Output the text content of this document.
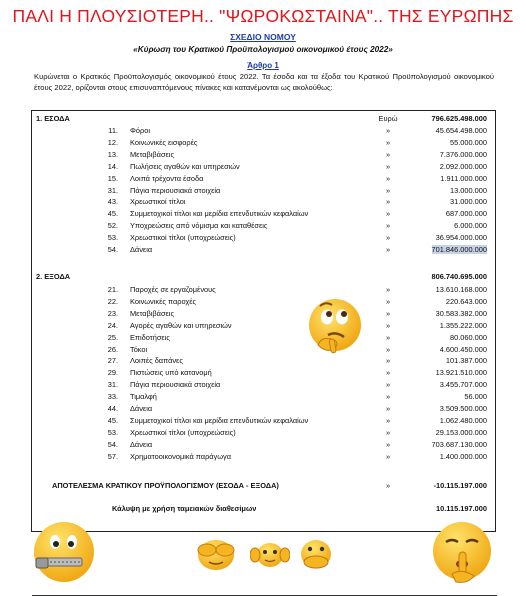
ΠΑΛΙ Η ΠΛΟΥΣΙΟΤΕΡΗ.. "ΨΩΡΟΚΩΣΤΑΙΝΑ".. ΤΗΣ ΕΥΡΩΠΗΣ
ΣΧΕΔΙΟ ΝΟΜΟΥ
«Κύρωση του Κρατικού Προϋπολογισμού οικονομικού έτους 2022»
Άρθρο 1
Κυρώνεται ο Κρατικός Προϋπολογισμός οικονομικού έτους 2022. Τα έσοδα και τα έξοδα του Κρατικού Προϋπολογισμού οικονομικού έτους 2022, ορίζονται στους επισυναπτόμενους πίνακες και κατανέμονται ως ακολούθως:
1. ΕΣΟΔΑ	Ευρώ	796.625.498.000
11. Φόροι	»	45.654.498.000
12. Κοινωνικές εισφορές	»	55.000.000
13. Μεταβιβάσεις	»	7.376.000.000
14. Πωλήσεις αγαθών και υπηρεσιών	»	2.092.000.000
15. Λοιπά τρέχοντα έσοδα	»	1.911.000.000
31. Πάγια περιουσιακά στοιχεία	»	13.000.000
43. Χρεωστικοί τίτλοι	»	31.000.000
45. Συμμετοχικοί τίτλοι και μερίδια επενδυτικών κεφαλαίων	»	687.000.000
52. Υποχρεώσεις από νόμισμα και καταθέσεις	»	6.000.000
53. Χρεωστικοί τίτλοι (υποχρεώσεις)	»	36.954.000.000
54. Δάνεια	»	701.846.000.000
2. ΕΞΟΔΑ	806.740.695.000
21. Παροχές σε εργαζομένους	»	13.610.168.000
22. Κοινωνικές παροχές	»	220.643.000
23. Μεταβιβάσεις	»	30.583.382.000
24. Αγορές αγαθών και υπηρεσιών	»	1.355.222.000
25. Επιδοτήσεις	»	80.060.000
26. Τόκοι	»	4.600.450.000
27. Λοιπές δαπάνες	»	101.387.000
29. Πιστώσεις υπό κατανομή	»	13.921.510.000
31. Πάγια περιουσιακά στοιχεία	»	3.455.707.000
33. Τιμαλφή	»	56.000
44. Δάνεια	»	3.509.500.000
45. Συμμετοχικοί τίτλοι και μερίδια επενδυτικών κεφαλαίων	»	1.062.480.000
53. Χρεωστικοί τίτλοι (υποχρεώσεις)	»	29.153.000.000
54. Δάνεια	»	703.687.130.000
57. Χρηματοοικονομικά παράγωγα	»	1.400.000.000
ΑΠΟΤΕΛΕΣΜΑ ΚΡΑΤΙΚΟΥ ΠΡΟΫΠΟΛΟΓΙΣΜΟΥ (ΕΣΟΔΑ - ΕΞΟΔΑ)	»	-10.115.197.000
Κάλυψη με χρήση ταμειακών διαθεσίμων	10.115.197.000
